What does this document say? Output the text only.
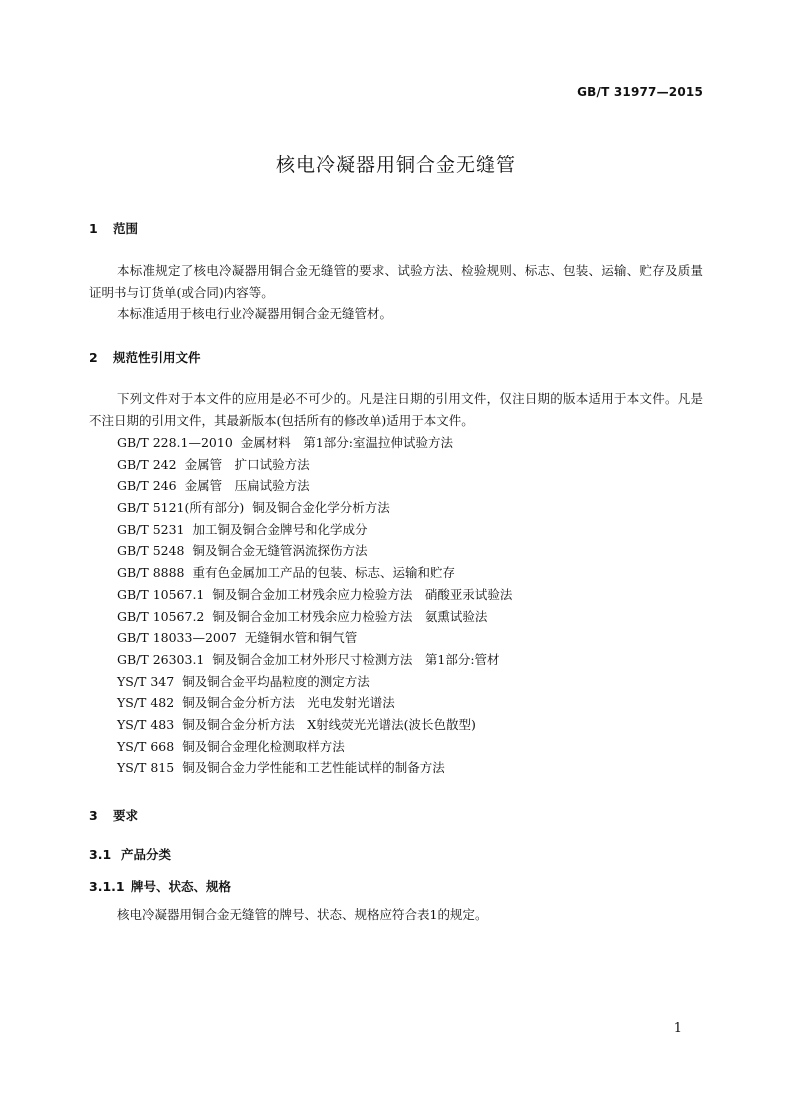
GB/T 31977—2015
核电冷凝器用铜合金无缝管
1 范围
本标准规定了核电冷凝器用铜合金无缝管的要求、试验方法、检验规则、标志、包装、运输、贮存及质量证明书与订货单(或合同)内容等。
本标准适用于核电行业冷凝器用铜合金无缝管材。
2 规范性引用文件
下列文件对于本文件的应用是必不可少的。凡是注日期的引用文件，仅注日期的版本适用于本文件。凡是不注日期的引用文件，其最新版本(包括所有的修改单)适用于本文件。
GB/T 228.1—2010 金属材料　第1部分:室温拉伸试验方法
GB/T 242 金属管　扩口试验方法
GB/T 246 金属管　压扁试验方法
GB/T 5121(所有部分) 铜及铜合金化学分析方法
GB/T 5231 加工铜及铜合金牌号和化学成分
GB/T 5248 铜及铜合金无缝管涡流探伤方法
GB/T 8888 重有色金属加工产品的包装、标志、运输和贮存
GB/T 10567.1 铜及铜合金加工材残余应力检验方法　硝酸亚汞试验法
GB/T 10567.2 铜及铜合金加工材残余应力检验方法　氨熏试验法
GB/T 18033—2007 无缝铜水管和铜气管
GB/T 26303.1 铜及铜合金加工材外形尺寸检测方法　第1部分:管材
YS/T 347 铜及铜合金平均晶粒度的测定方法
YS/T 482 铜及铜合金分析方法　光电发射光谱法
YS/T 483 铜及铜合金分析方法　X射线荧光光谱法(波长色散型)
YS/T 668 铜及铜合金理化检测取样方法
YS/T 815 铜及铜合金力学性能和工艺性能试样的制备方法
3 要求
3.1 产品分类
3.1.1 牌号、状态、规格
核电冷凝器用铜合金无缝管的牌号、状态、规格应符合表1的规定。
1
